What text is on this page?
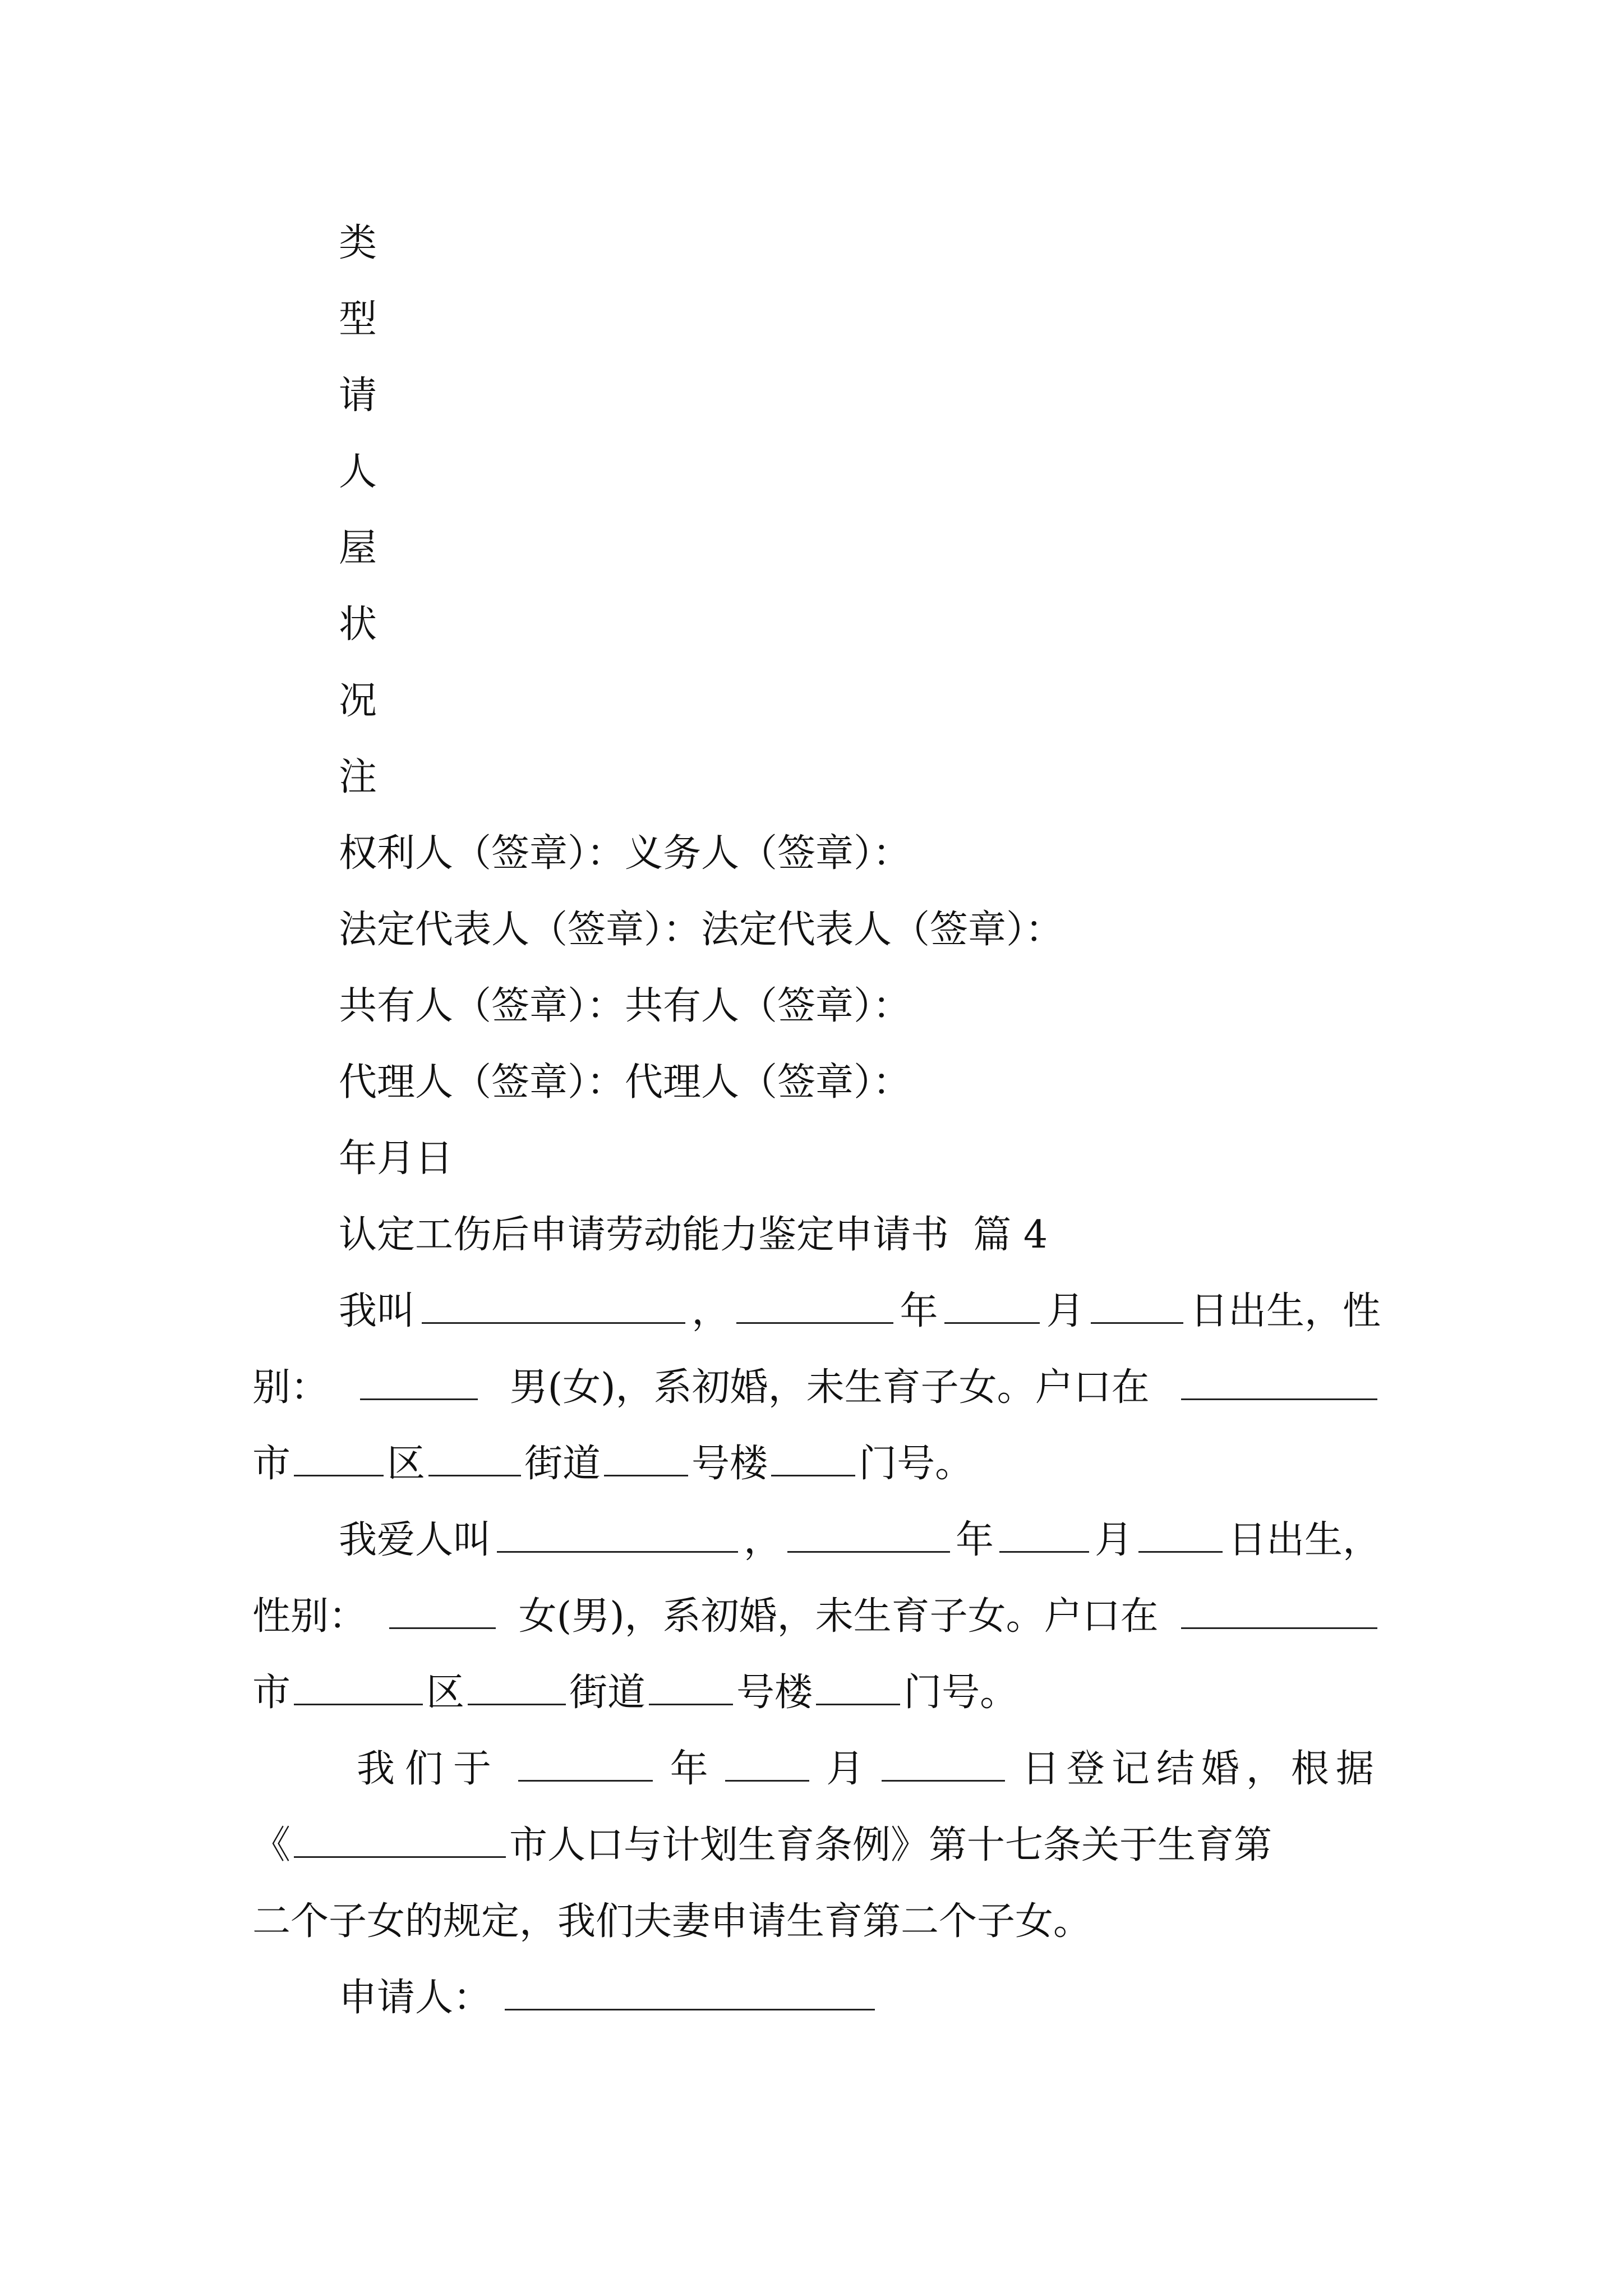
类
型
请
人
屋
状
况
注
权利人（签章）：义务人（签章）：
法定代表人（签章）：法定代表人（签章）：
共有人（签章）：共有人（签章）：
代理人（签章）：代理人（签章）：
年月日
认定工伤后申请劳动能力鉴定申请书  篇 4
我叫	，	年	月	日出生，性
别：	男(女)，系初婚，未生育子女。户口在
市	区	街道 号楼 门号。
我爱人叫	，	年	月 日出生，
性别：	女(男)，系初婚，未生育子女。户口在
市	区	街道 号楼 门号。
我们于	年	月	日登记结婚，根据
《	市人口与计划生育条例》第十七条关于生育第
二个子女的规定，我们夫妻申请生育第二个子女。
申请人：
